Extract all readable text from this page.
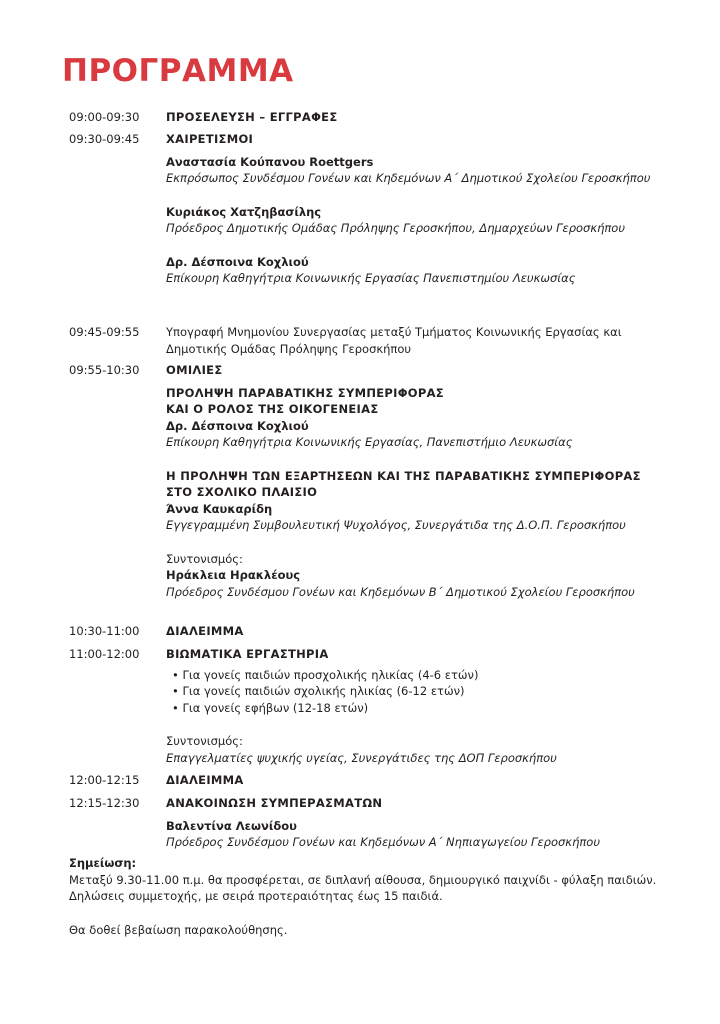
ΠΡΟΓΡΑΜΜΑ
09:00-09:30 ΠΡΟΣΕΛΕΥΣΗ – ΕΓΓΡΑΦΕΣ
09:30-09:45 ΧΑΙΡΕΤΙΣΜΟΙ
Αναστασία Κούπανου Roettgers
Εκπρόσωπος Συνδέσμου Γονέων και Κηδεμόνων Α΄ Δημοτικού Σχολείου Γεροσκήπου
Κυριάκος Χατζηβασίλης
Πρόεδρος Δημοτικής Ομάδας Πρόληψης Γεροσκήπου, Δημαρχεύων Γεροσκήπου
Δρ. Δέσποινα Κοχλιού
Επίκουρη Καθηγήτρια Κοινωνικής Εργασίας Πανεπιστημίου Λευκωσίας
09:45-09:55 Υπογραφή Μνημονίου Συνεργασίας μεταξύ Τμήματος Κοινωνικής Εργασίας και Δημοτικής Ομάδας Πρόληψης Γεροσκήπου
09:55-10:30 ΟΜΙΛΙΕΣ
ΠΡΟΛΗΨΗ ΠΑΡΑΒΑΤΙΚΗΣ ΣΥΜΠΕΡΙΦΟΡΑΣ
ΚΑΙ Ο ΡΟΛΟΣ ΤΗΣ ΟΙΚΟΓΕΝΕΙΑΣ
Δρ. Δέσποινα Κοχλιού
Επίκουρη Καθηγήτρια Κοινωνικής Εργασίας, Πανεπιστήμιο Λευκωσίας
Η ΠΡΟΛΗΨΗ ΤΩΝ ΕΞΑΡΤΗΣΕΩΝ ΚΑΙ ΤΗΣ ΠΑΡΑΒΑΤΙΚΗΣ ΣΥΜΠΕΡΙΦΟΡΑΣ
ΣΤΟ ΣΧΟΛΙΚΟ ΠΛΑΙΣΙΟ
Άννα Καυκαρίδη
Εγγεγραμμένη Συμβουλευτική Ψυχολόγος, Συνεργάτιδα της Δ.Ο.Π. Γεροσκήπου
Συντονισμός:
Ηράκλεια Ηρακλέους
Πρόεδρος Συνδέσμου Γονέων και Κηδεμόνων Β΄ Δημοτικού Σχολείου Γεροσκήπου
10:30-11:00 ΔΙΑΛΕΙΜΜΑ
11:00-12:00 ΒΙΩΜΑΤΙΚΑ ΕΡΓΑΣΤΗΡΙΑ
• Για γονείς παιδιών προσχολικής ηλικίας (4-6 ετών)
• Για γονείς παιδιών σχολικής ηλικίας (6-12 ετών)
• Για γονείς εφήβων (12-18 ετών)
Συντονισμός:
Επαγγελματίες ψυχικής υγείας, Συνεργάτιδες της ΔΟΠ Γεροσκήπου
12:00-12:15 ΔΙΑΛΕΙΜΜΑ
12:15-12:30 ΑΝΑΚΟΙΝΩΣΗ ΣΥΜΠΕΡΑΣΜΑΤΩΝ
Βαλεντίνα Λεωνίδου
Πρόεδρος Συνδέσμου Γονέων και Κηδεμόνων Α΄ Νηπιαγωγείου Γεροσκήπου
Σημείωση:
Μεταξύ 9.30-11.00 π.μ. θα προσφέρεται, σε διπλανή αίθουσα, δημιουργικό παιχνίδι - φύλαξη παιδιών. Δηλώσεις συμμετοχής, με σειρά προτεραιότητας έως 15 παιδιά.
Θα δοθεί βεβαίωση παρακολούθησης.
